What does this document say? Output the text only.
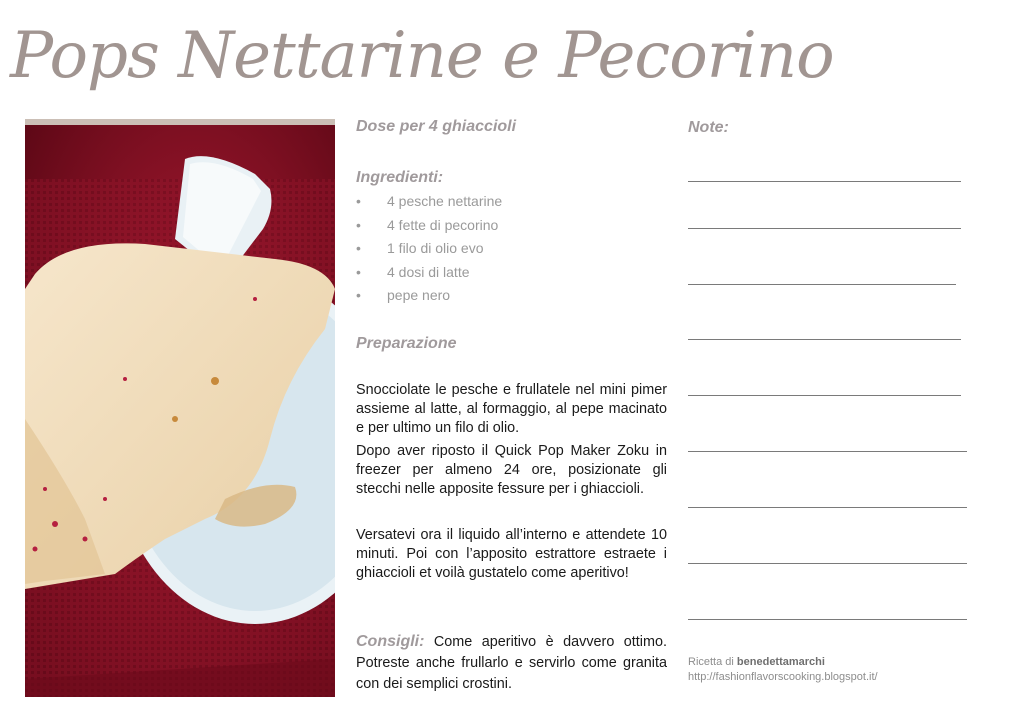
Pops Nettarine e Pecorino

Dose per 4 ghiaccioli

Ingredienti:

• 4 pesche nettarine
• 4 fette di pecorino
• 1 filo di olio evo
• 4 dosi di latte
• pepe nero

Preparazione

Snocciolate le pesche e frullatele nel mini pimer assieme al latte, al formaggio, al pepe macinato e per ultimo un filo di olio.

Dopo aver riposto il Quick Pop Maker Zoku in freezer per almeno 24 ore, posizionate gli stecchi nelle apposite fessure per i ghiaccioli.

Versatevi ora il liquido all’interno e attendete 10 minuti. Poi con l’apposito estrattore estraete i ghiaccioli et voilà gustatelo come aperitivo!

Consigli: Come aperitivo è davvero ottimo. Potreste anche frullarlo e servirlo come granita con dei semplici crostini.

Note:

Ricetta di benedettamarchi
http://fashionflavorscooking.blogspot.it/
